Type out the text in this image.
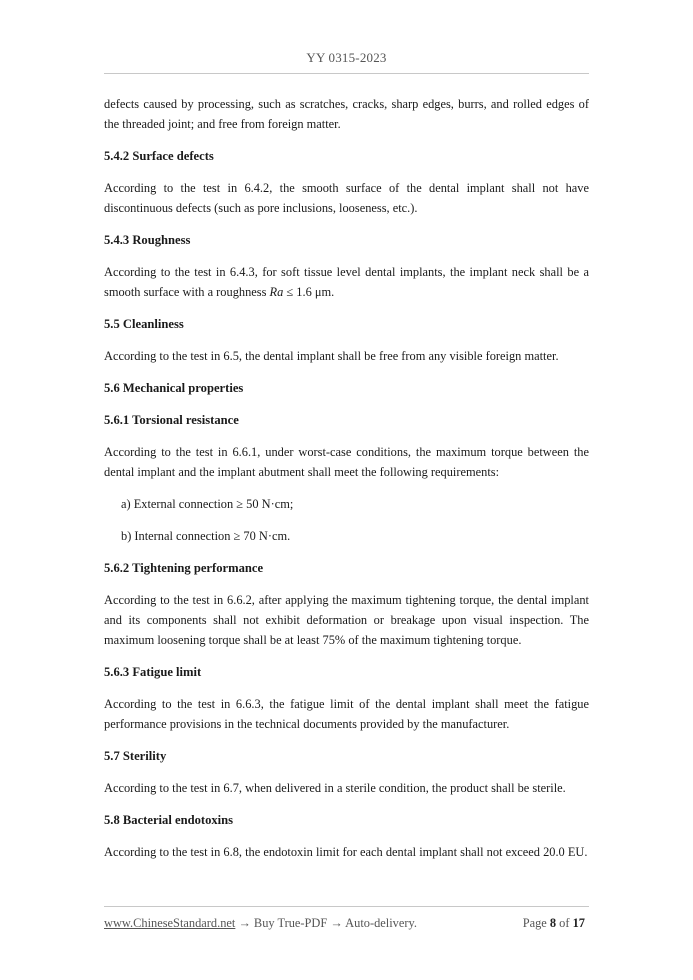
YY 0315-2023

defects caused by processing, such as scratches, cracks, sharp edges, burrs, and rolled edges of the threaded joint; and free from foreign matter.

5.4.2 Surface defects

According to the test in 6.4.2, the smooth surface of the dental implant shall not have discontinuous defects (such as pore inclusions, looseness, etc.).

5.4.3 Roughness

According to the test in 6.4.3, for soft tissue level dental implants, the implant neck shall be a smooth surface with a roughness Ra ≤ 1.6 μm.

5.5 Cleanliness

According to the test in 6.5, the dental implant shall be free from any visible foreign matter.

5.6 Mechanical properties
5.6.1 Torsional resistance

According to the test in 6.6.1, under worst-case conditions, the maximum torque between the dental implant and the implant abutment shall meet the following requirements:

a) External connection ≥ 50 N·cm;
b) Internal connection ≥ 70 N·cm.
5.6.2 Tightening performance

According to the test in 6.6.2, after applying the maximum tightening torque, the dental implant and its components shall not exhibit deformation or breakage upon visual inspection. The maximum loosening torque shall be at least 75% of the maximum tightening torque.

5.6.3 Fatigue limit

According to the test in 6.6.3, the fatigue limit of the dental implant shall meet the fatigue performance provisions in the technical documents provided by the manufacturer.

5.7 Sterility

According to the test in 6.7, when delivered in a sterile condition, the product shall be sterile.

5.8 Bacterial endotoxins

According to the test in 6.8, the endotoxin limit for each dental implant shall not exceed 20.0 EU.

www.ChineseStandard.net → Buy True-PDF → Auto-delivery.	Page 8 of 17
